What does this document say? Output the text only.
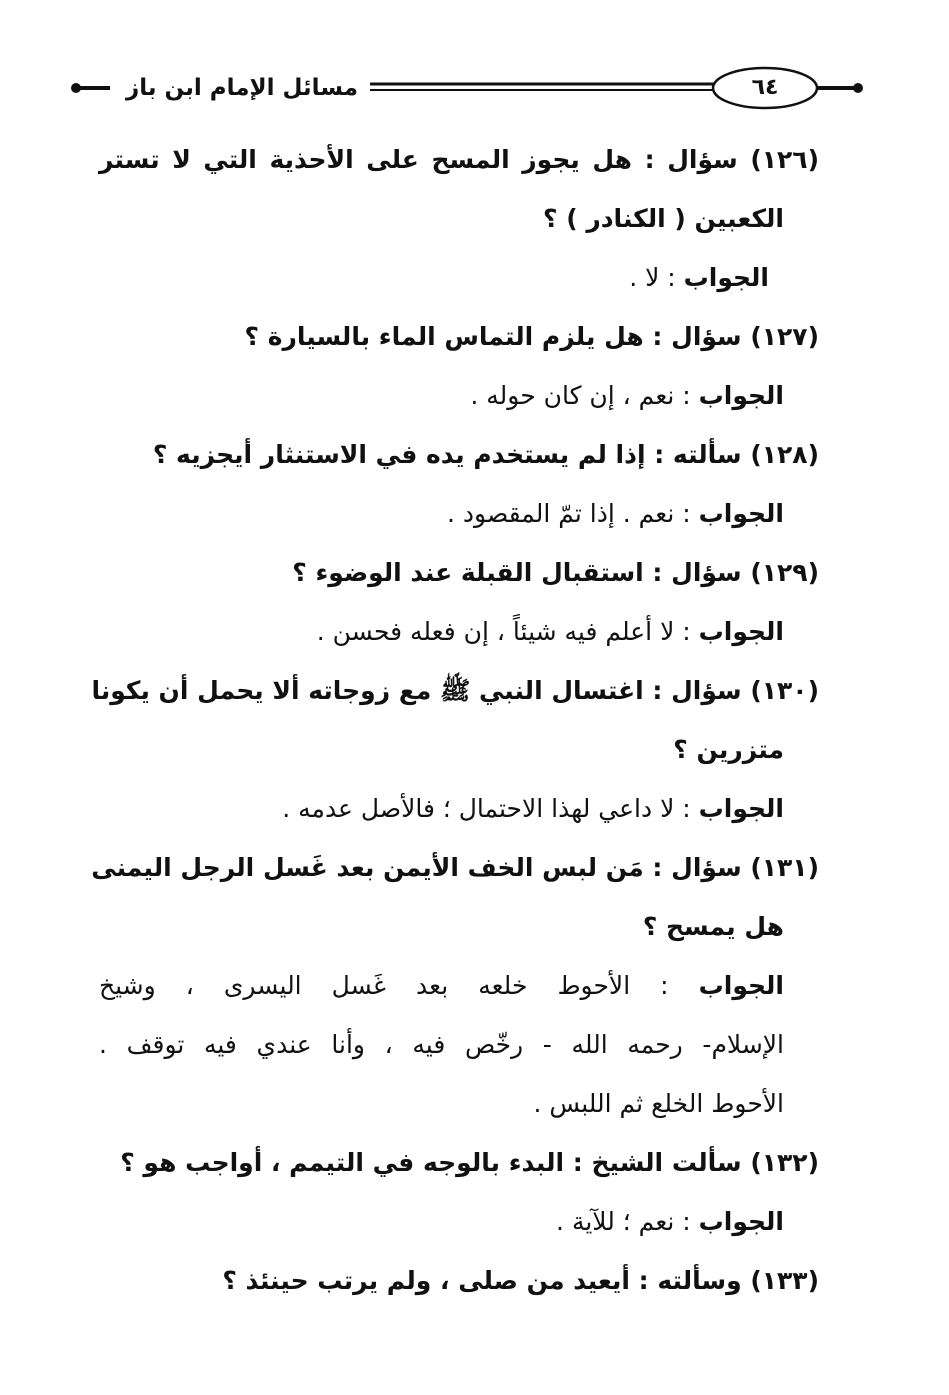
مسائل الإمام ابن باز	٦٤
(١٢٦) سؤال : هل يجوز المسح على الأحذية التي لا تستر
الكعبين ( الكنادر ) ؟
الجواب : لا .
(١٢٧) سؤال : هل يلزم التماس الماء بالسيارة ؟
الجواب : نعم ، إن كان حوله .
(١٢٨) سألته : إذا لم يستخدم يده في الاستنثار أيجزيه ؟
الجواب : نعم . إذا تمّ المقصود .
(١٢٩) سؤال : استقبال القبلة عند الوضوء ؟
الجواب : لا أعلم فيه شيئاً ، إن فعله فحسن .
(١٣٠) سؤال : اغتسال النبي ﷺ مع زوجاته ألا يحمل أن يكونا
متزرين ؟
الجواب : لا داعي لهذا الاحتمال ؛ فالأصل عدمه .
(١٣١) سؤال : مَن لبس الخف الأيمن بعد غَسل الرجل اليمنى
هل يمسح ؟
الجواب : الأحوط خلعه بعد غَسل اليسرى ، وشيخ
الإسلام- رحمه الله - رخّص فيه ، وأنا عندي فيه توقف .
الأحوط الخلع ثم اللبس .
(١٣٢) سألت الشيخ : البدء بالوجه في التيمم ، أواجب هو ؟
الجواب : نعم ؛ للآية .
(١٣٣) وسألته : أيعيد من صلى ، ولم يرتب حينئذ ؟
